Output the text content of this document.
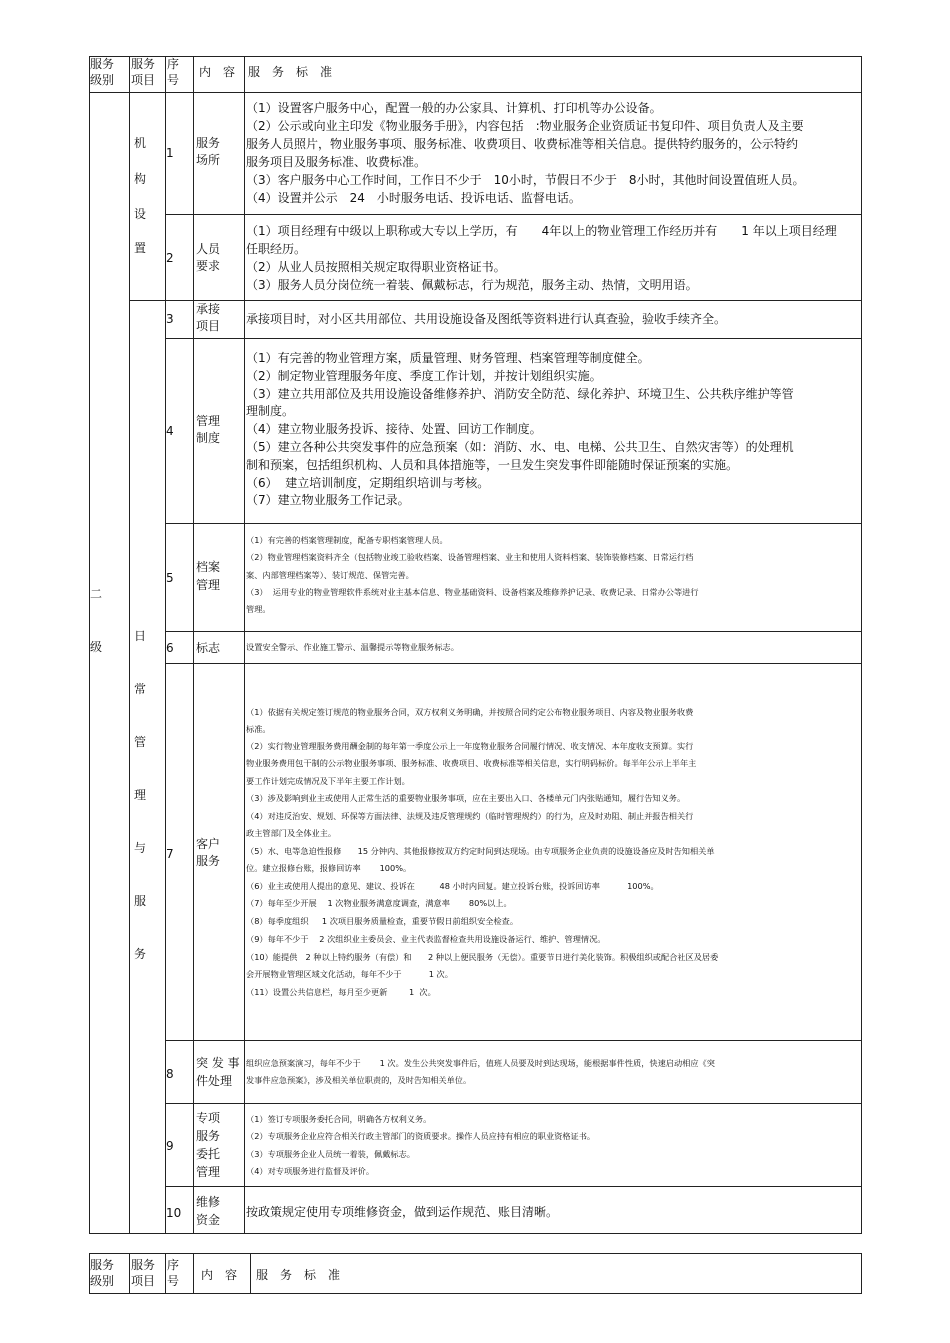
服务
级别
服务
项目
序
号
内　容 服　务　标　准
二
级
机
构
设
置
日
常
管
理
与
服
务
1
服务
场所
（1）设置客户服务中心，配置一般的办公家具、计算机、打印机等办公设备。
（2）公示或向业主印发《物业服务手册》，内容包括　:物业服务企业资质证书复印件、项目负责人及主要
服务人员照片，物业服务事项、服务标准、收费项目、收费标准等相关信息。提供特约服务的，公示特约
服务项目及服务标准、收费标准。
（3）客户服务中心工作时间，工作日不少于　10小时，节假日不少于　8小时，其他时间设置值班人员。
（4）设置并公示　24　小时服务电话、投诉电话、监督电话。
2
人员
要求
（1）项目经理有中级以上职称或大专以上学历，有　　4年以上的物业管理工作经历并有　　1 年以上项目经理
任职经历。
（2）从业人员按照相关规定取得职业资格证书。
（3）服务人员分岗位统一着装、佩戴标志，行为规范，服务主动、热情，文明用语。
3
承接
项目 承接项目时，对小区共用部位、共用设施设备及图纸等资料进行认真查验，验收手续齐全。
4
管理
制度
（1）有完善的物业管理方案，质量管理、财务管理、档案管理等制度健全。
（2）制定物业管理服务年度、季度工作计划，并按计划组织实施。
（3）建立共用部位及共用设施设备维修养护、消防安全防范、绿化养护、环境卫生、公共秩序维护等管
理制度。
（4）建立物业服务投诉、接待、处置、回访工作制度。
（5）建立各种公共突发事件的应急预案（如：消防、水、电、电梯、公共卫生、自然灾害等）的处理机
制和预案，包括组织机构、人员和具体措施等，一旦发生突发事件即能随时保证预案的实施。
（6）  建立培训制度，定期组织培训与考核。
（7）建立物业服务工作记录。
5
档案
管理
（1）有完善的档案管理制度，配备专职档案管理人员。
（2）物业管理档案资料齐全（包括物业竣工验收档案、设备管理档案、业主和使用人资料档案、装饰装修档案、日常运行档
案、内部管理档案等）、装订规范、保管完善。
（3）  运用专业的物业管理软件系统对业主基本信息、物业基础资料、设备档案及维修养护记录、收费记录、日常办公等进行
管理。
6 标志	设置安全警示、作业施工警示、温馨提示等物业服务标志。
7
客户
服务
（1）依据有关规定签订规范的物业服务合同，双方权利义务明确，并按照合同约定公布物业服务项目、内容及物业服务收费
标准。
（2）实行物业管理服务费用酬金制的每年第一季度公示上一年度物业服务合同履行情况、收支情况、本年度收支预算。实行
物业服务费用包干制的公示物业服务事项、服务标准、收费项目、收费标准等相关信息，实行明码标价。每半年公示上半年主
要工作计划完成情况及下半年主要工作计划。
（3）涉及影响到业主或使用人正常生活的重要物业服务事项，应在主要出入口、各楼单元门内张贴通知，履行告知义务。
（4）对违反治安、规划、环保等方面法律、法规及违反管理规约（临时管理规约）的行为，应及时劝阻、制止并报告相关行
政主管部门及全体业主。
（5）水、电等急迫性报修　　15 分钟内、其他报修按双方约定时间到达现场。由专项服务企业负责的设施设备应及时告知相关单
位。建立报修台账，报修回访率　　 100%。
（6）业主或使用人提出的意见、建议、投诉在　　　48 小时内回复。建立投诉台账，投诉回访率　　　 100%。
（7）每年至少开展　 1 次物业服务满意度调查，满意率　　 80%以上。
（8）每季度组织　  1 次项目服务质量检查，重要节假日前组织安全检查。
（9）每年不少于　 2 次组织业主委员会、业主代表监督检查共用设施设备运行、维护、管理情况。
（10）能提供　2 种以上特约服务（有偿）和　　2 种以上便民服务（无偿）。重要节日进行美化装饰。积极组织或配合社区及居委
会开展物业管理区域文化活动，每年不少于　　　 1 次。
（11）设置公共信息栏，每月至少更新　　  1  次。
8
突 发 事
件处理
组织应急预案演习，每年不少于　　 1 次。发生公共突发事件后，值班人员要及时到达现场，能根据事件性质，快速启动相应《突
发事件应急预案》，涉及相关单位职责的，及时告知相关单位。
9
专项
服务
委托
管理
（1）签订专项服务委托合同，明确各方权利义务。
（2）专项服务企业应符合相关行政主管部门的资质要求。操作人员应持有相应的职业资格证书。
（3）专项服务企业人员统一着装，佩戴标志。
（4）对专项服务进行监督及评价。
10
维修
资金
按政策规定使用专项维修资金，做到运作规范、账目清晰。
服务
级别
服务
项目
序
号 内　容 服　务　标　准
